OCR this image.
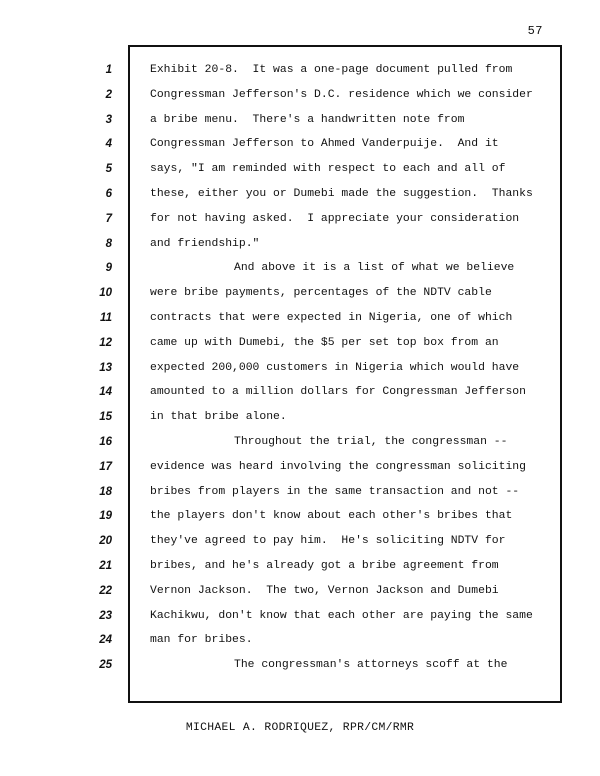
57
1
2
3
4
5
6
7
8
9
10
11
12
13
14
15
16
17
18
19
20
21
22
23
24
25
Exhibit 20-8.  It was a one-page document pulled from
Congressman Jefferson's D.C. residence which we consider
a bribe menu.  There's a handwritten note from
Congressman Jefferson to Ahmed Vanderpuije.  And it
says, "I am reminded with respect to each and all of
these, either you or Dumebi made the suggestion.  Thanks
for not having asked.  I appreciate your consideration
and friendship."
And above it is a list of what we believe
were bribe payments, percentages of the NDTV cable
contracts that were expected in Nigeria, one of which
came up with Dumebi, the $5 per set top box from an
expected 200,000 customers in Nigeria which would have
amounted to a million dollars for Congressman Jefferson
in that bribe alone.
Throughout the trial, the congressman --
evidence was heard involving the congressman soliciting
bribes from players in the same transaction and not --
the players don't know about each other's bribes that
they've agreed to pay him.  He's soliciting NDTV for
bribes, and he's already got a bribe agreement from
Vernon Jackson.  The two, Vernon Jackson and Dumebi
Kachikwu, don't know that each other are paying the same
man for bribes.
The congressman's attorneys scoff at the
MICHAEL A. RODRIQUEZ, RPR/CM/RMR
